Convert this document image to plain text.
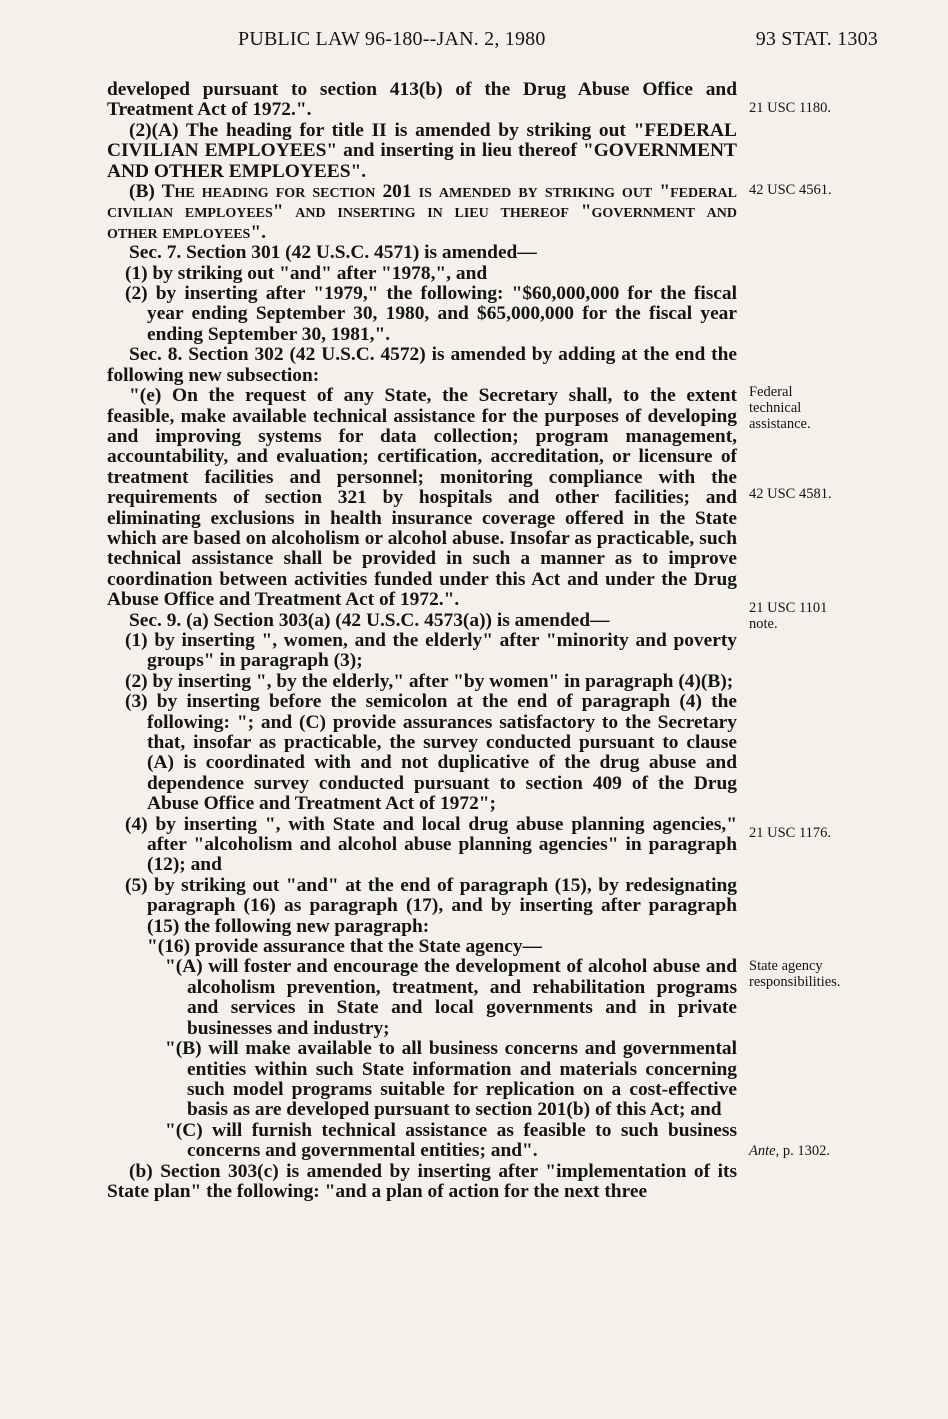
PUBLIC LAW 96-180--JAN. 2, 1980	93 STAT. 1303

developed pursuant to section 413(b) of the Drug Abuse Office and Treatment Act of 1972.".

(2)(A) The heading for title II is amended by striking out "FEDERAL CIVILIAN EMPLOYEES" and inserting in lieu thereof "GOVERNMENT AND OTHER EMPLOYEES".

(B) The heading for section 201 is amended by striking out "federal civilian employees" and inserting in lieu thereof "government and other employees".

Sec. 7. Section 301 (42 U.S.C. 4571) is amended—

(1) by striking out "and" after "1978,", and

(2) by inserting after "1979," the following: "$60,000,000 for the fiscal year ending September 30, 1980, and $65,000,000 for the fiscal year ending September 30, 1981,".

Sec. 8. Section 302 (42 U.S.C. 4572) is amended by adding at the end the following new subsection:

"(e) On the request of any State, the Secretary shall, to the extent feasible, make available technical assistance for the purposes of developing and improving systems for data collection; program management, accountability, and evaluation; certification, accreditation, or licensure of treatment facilities and personnel; monitoring compliance with the requirements of section 321 by hospitals and other facilities; and eliminating exclusions in health insurance coverage offered in the State which are based on alcoholism or alcohol abuse. Insofar as practicable, such technical assistance shall be provided in such a manner as to improve coordination between activities funded under this Act and under the Drug Abuse Office and Treatment Act of 1972.".

Sec. 9. (a) Section 303(a) (42 U.S.C. 4573(a)) is amended—

(1) by inserting ", women, and the elderly" after "minority and poverty groups" in paragraph (3);

(2) by inserting ", by the elderly," after "by women" in paragraph (4)(B);

(3) by inserting before the semicolon at the end of paragraph (4) the following: "; and (C) provide assurances satisfactory to the Secretary that, insofar as practicable, the survey conducted pursuant to clause (A) is coordinated with and not duplicative of the drug abuse and dependence survey conducted pursuant to section 409 of the Drug Abuse Office and Treatment Act of 1972";

(4) by inserting ", with State and local drug abuse planning agencies," after "alcoholism and alcohol abuse planning agencies" in paragraph (12); and

(5) by striking out "and" at the end of paragraph (15), by redesignating paragraph (16) as paragraph (17), and by inserting after paragraph (15) the following new paragraph:

"(16) provide assurance that the State agency—

"(A) will foster and encourage the development of alcohol abuse and alcoholism prevention, treatment, and rehabilitation programs and services in State and local governments and in private businesses and industry;

"(B) will make available to all business concerns and governmental entities within such State information and materials concerning such model programs suitable for replication on a cost-effective basis as are developed pursuant to section 201(b) of this Act; and

"(C) will furnish technical assistance as feasible to such business concerns and governmental entities; and".

(b) Section 303(c) is amended by inserting after "implementation of its State plan" the following: "and a plan of action for the next three

21 USC 1180.
42 USC 4561.
Federal technical assistance.
42 USC 4581.
21 USC 1101 note.
21 USC 1176.
State agency responsibilities.
Ante, p. 1302.
